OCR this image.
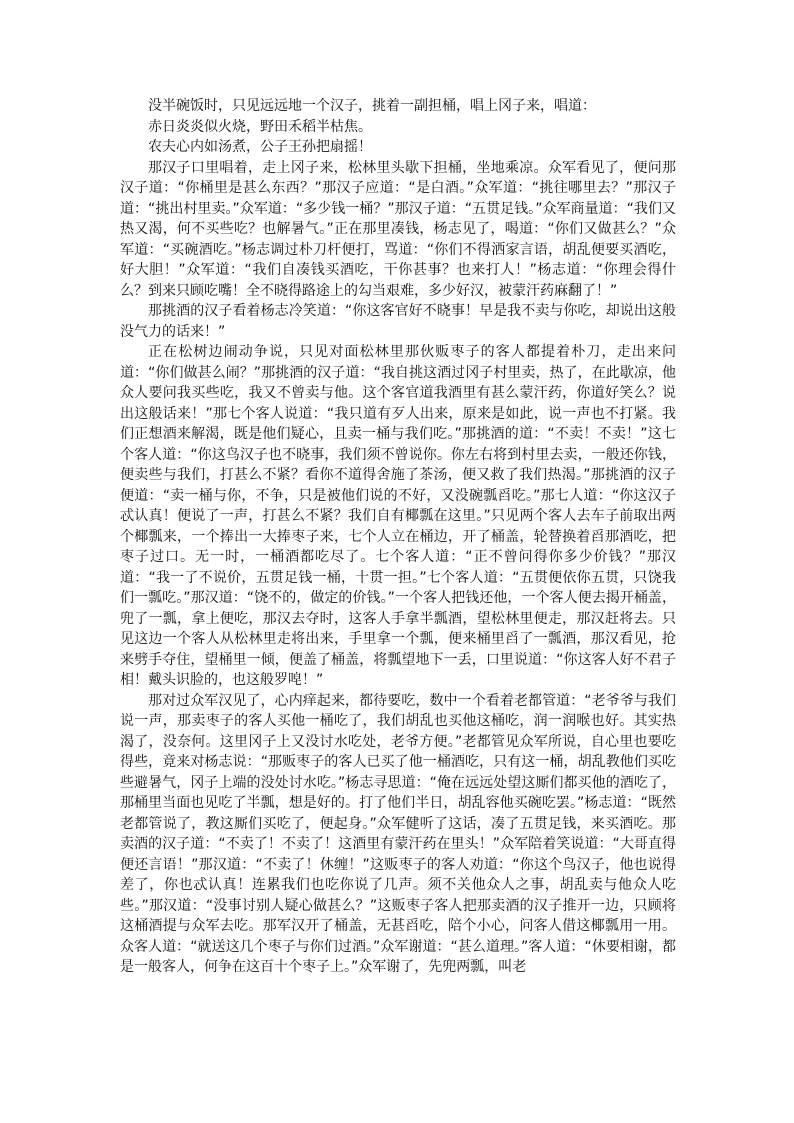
没半碗饭时，只见远远地一个汉子，挑着一副担桶，唱上冈子来，唱道：

赤日炎炎似火烧，野田禾稻半枯焦。

农夫心内如汤煮，公子王孙把扇摇！

那汉子口里唱着，走上冈子来，松林里头歇下担桶，坐地乘凉。众军看见了，便问那汉子道：“你桶里是甚么东西？”那汉子应道：“是白酒。”众军道：“挑往哪里去？”那汉子道：“挑出村里卖。”众军道：“多少钱一桶？”那汉子道：“五贯足钱。”众军商量道：“我们又热又渴，何不买些吃？也解暑气。”正在那里凑钱，杨志见了，喝道：“你们又做甚么？”众军道：“买碗酒吃。”杨志调过朴刀杆便打，骂道：“你们不得洒家言语，胡乱便要买酒吃，好大胆！”众军道：“我们自凑钱买酒吃，干你甚事？也来打人！”杨志道：“你理会得什么？到来只顾吃嘴！全不晓得路途上的勾当艰难，多少好汉，被蒙汗药麻翻了！”

那挑酒的汉子看着杨志冷笑道：“你这客官好不晓事！早是我不卖与你吃，却说出这般没气力的话来！”

正在松树边闹动争说，只见对面松林里那伙贩枣子的客人都提着朴刀，走出来问道：“你们做甚么闹？”那挑酒的汉子道：“我自挑这酒过冈子村里卖，热了，在此歇凉，他众人要问我买些吃，我又不曾卖与他。这个客官道我酒里有甚么蒙汗药，你道好笑么？说出这般话来！”那七个客人说道：“我只道有歹人出来，原来是如此，说一声也不打紧。我们正想酒来解渴，既是他们疑心，且卖一桶与我们吃。”那挑酒的道：“不卖！不卖！”这七个客人道：“你这鸟汉子也不晓事，我们须不曾说你。你左右将到村里去卖，一般还你钱，便卖些与我们，打甚么不紧？看你不道得舍施了茶汤，便又救了我们热渴。”那挑酒的汉子便道：“卖一桶与你，不争，只是被他们说的不好，又没碗瓢舀吃。”那七人道：“你这汉子忒认真！便说了一声，打甚么不紧？我们自有椰瓢在这里。”只见两个客人去车子前取出两个椰瓢来，一个捧出一大捧枣子来，七个人立在桶边，开了桶盖，轮替换着舀那酒吃，把枣子过口。无一时，一桶酒都吃尽了。七个客人道：“正不曾问得你多少价钱？”那汉道：“我一了不说价，五贯足钱一桶，十贯一担。”七个客人道：“五贯便依你五贯，只饶我们一瓢吃。”那汉道：“饶不的，做定的价钱。”一个客人把钱还他，一个客人便去揭开桶盖，兜了一瓢，拿上便吃，那汉去夺时，这客人手拿半瓢酒，望松林里便走，那汉赶将去。只见这边一个客人从松林里走将出来，手里拿一个瓢，便来桶里舀了一瓢酒，那汉看见，抢来劈手夺住，望桶里一倾，便盖了桶盖，将瓢望地下一丢，口里说道：“你这客人好不君子相！戴头识脸的，也这般罗唣！”

那对过众军汉见了，心内痒起来，都待要吃，数中一个看着老都管道：“老爷爷与我们说一声，那卖枣子的客人买他一桶吃了，我们胡乱也买他这桶吃，润一润喉也好。其实热渴了，没奈何。这里冈子上又没讨水吃处，老爷方便。”老都管见众军所说，自心里也要吃得些，竟来对杨志说：“那贩枣子的客人已买了他一桶酒吃，只有这一桶，胡乱教他们买吃些避暑气，冈子上端的没处讨水吃。”杨志寻思道：“俺在远远处望这厮们都买他的酒吃了，那桶里当面也见吃了半瓢，想是好的。打了他们半日，胡乱容他买碗吃罢。”杨志道：“既然老都管说了，教这厮们买吃了，便起身。”众军健听了这话，凑了五贯足钱，来买酒吃。那卖酒的汉子道：“不卖了！不卖了！这酒里有蒙汗药在里头！”众军陪着笑说道：“大哥直得便还言语！”那汉道：“不卖了！休缠！”这贩枣子的客人劝道：“你这个鸟汉子，他也说得差了，你也忒认真！连累我们也吃你说了几声。须不关他众人之事，胡乱卖与他众人吃些。”那汉道：“没事讨别人疑心做甚么？”这贩枣子客人把那卖酒的汉子推开一边，只顾将这桶酒提与众军去吃。那军汉开了桶盖，无甚舀吃，陪个小心，问客人借这椰瓢用一用。众客人道：“就送这几个枣子与你们过酒。”众军谢道：“甚么道理。”客人道：“休要相谢，都是一般客人，何争在这百十个枣子上。”众军谢了，先兜两瓢，叫老
